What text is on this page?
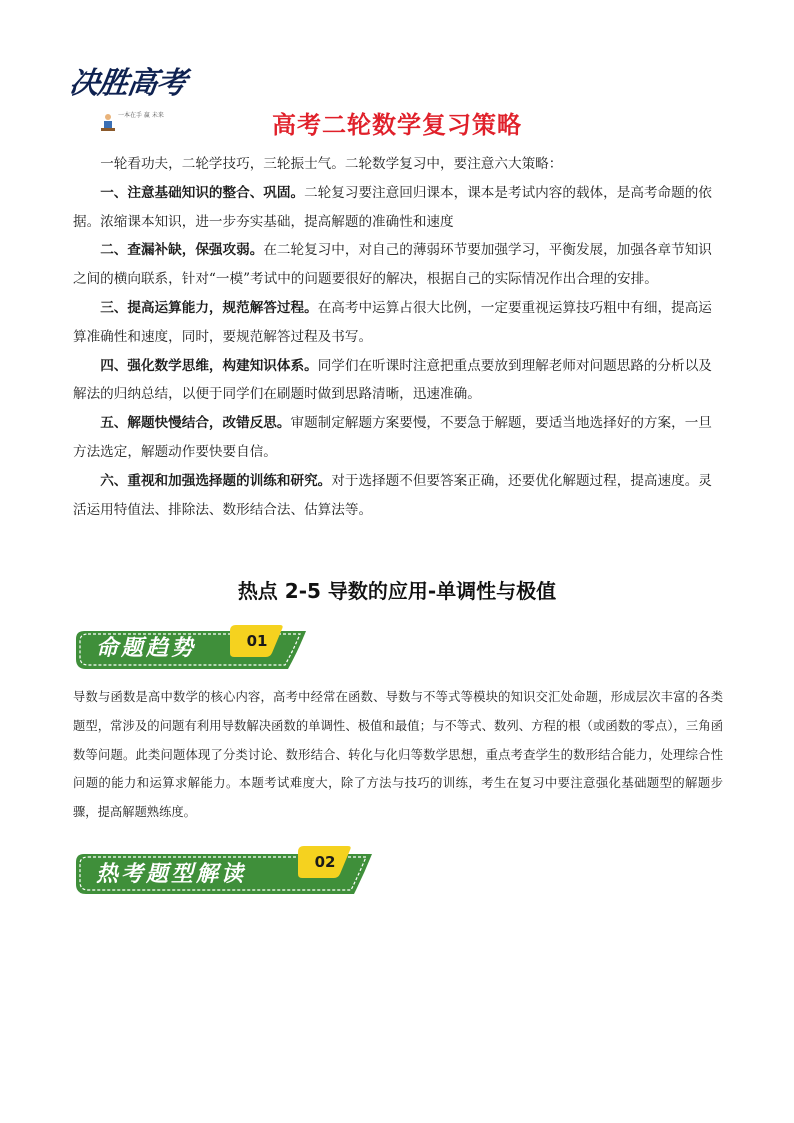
决胜高考
一本在手 赢 未来	高考二轮数学复习策略

一轮看功夫，二轮学技巧，三轮振士气。二轮数学复习中，要注意六大策略：

一、注意基础知识的整合、巩固。二轮复习要注意回归课本，课本是考试内容的载体，是高考命题的依据。浓缩课本知识，进一步夯实基础，提高解题的准确性和速度

二、查漏补缺，保强攻弱。在二轮复习中，对自己的薄弱环节要加强学习，平衡发展，加强各章节知识之间的横向联系，针对“一模”考试中的问题要很好的解决，根据自己的实际情况作出合理的安排。

三、提高运算能力，规范解答过程。在高考中运算占很大比例，一定要重视运算技巧粗中有细，提高运算准确性和速度，同时，要规范解答过程及书写。

四、强化数学思维，构建知识体系。同学们在听课时注意把重点要放到理解老师对问题思路的分析以及解法的归纳总结，以便于同学们在刷题时做到思路清晰，迅速准确。

五、解题快慢结合，改错反思。审题制定解题方案要慢，不要急于解题，要适当地选择好的方案，一旦方法选定，解题动作要快要自信。

六、重视和加强选择题的训练和研究。对于选择题不但要答案正确，还要优化解题过程，提高速度。灵活运用特值法、排除法、数形结合法、估算法等。

热点 2-5 导数的应用-单调性与极值
命题趋势	01

导数与函数是高中数学的核心内容，高考中经常在函数、导数与不等式等模块的知识交汇处命题，形成层次丰富的各类题型，常涉及的问题有利用导数解决函数的单调性、极值和最值；与不等式、数列、方程的根（或函数的零点），三角函数等问题。此类问题体现了分类讨论、数形结合、转化与化归等数学思想，重点考查学生的数形结合能力，处理综合性问题的能力和运算求解能力。本题考试难度大，除了方法与技巧的训练，考生在复习中要注意强化基础题型的解题步骤，提高解题熟练度。

热考题型解读	02
